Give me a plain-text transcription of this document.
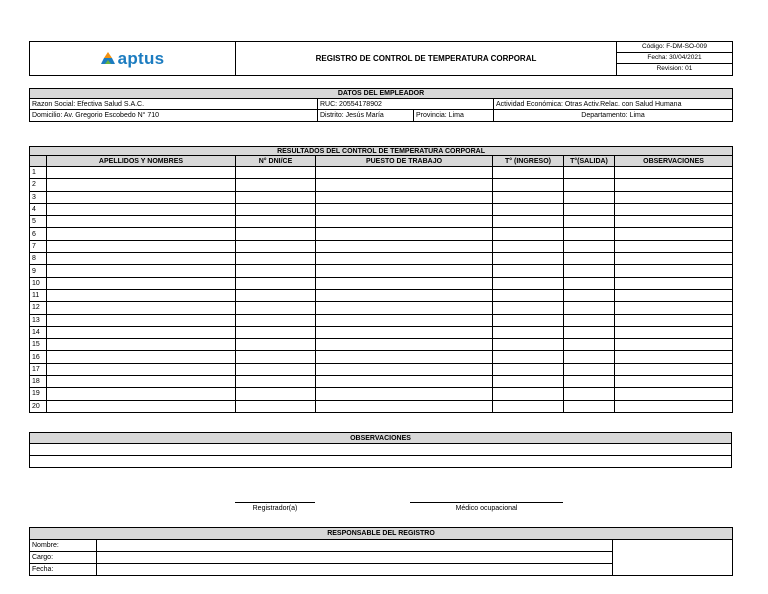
aptus	REGISTRO DE CONTROL DE TEMPERATURA CORPORAL	Código: F-DM-SO-009
Fecha: 30/04/2021
Revision: 01
DATOS DEL EMPLEADOR			
Razon Social: Efectiva Salud S.A.C.	RUC: 20554178902		Actividad Económica: Otras Activ.Relac. con Salud Humana
Domicilio: Av. Gregorio Escobedo N° 710	Distrito: Jesús María	Provincia: Lima	Departamento: Lima
RESULTADOS DEL CONTROL DE TEMPERATURA CORPORAL						
	APELLIDOS Y NOMBRES	N° DNI/CE	PUESTO DE TRABAJO	T° (INGRESO)	T°(SALIDA)	OBSERVACIONES
1						
2						
3						
4						
5						
6						
7						
8						
9						
10						
11						
12						
13						
14						
15						
16						
17						
18						
19						
20						
OBSERVACIONES

Registrador(a)	Médico ocupacional
RESPONSABLE DEL REGISTRO		
Nombre:		
Cargo:		
Fecha:		
